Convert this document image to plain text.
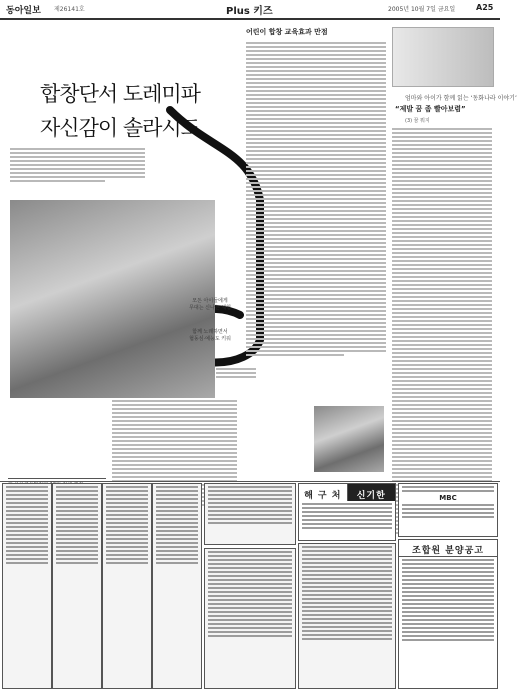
동아일보 제26141호	Plus 키즈	2005년 10월 7일 금요일	A25
합창단서 도레미파
자신감이 솔라시도
모든 아이들에게
무대는 신나는 체험
함께 노래하면서
협동심·예능도 키워
어린이 합창 교육효과 만점
엄마와 아이가 함께 읽는 ‘동화나라 이야기’
“제발 꿈 좀 빨아보렴”
(3) 꿈 뭐지
해 구 처	신기한	MBC
조합원 분양공고
